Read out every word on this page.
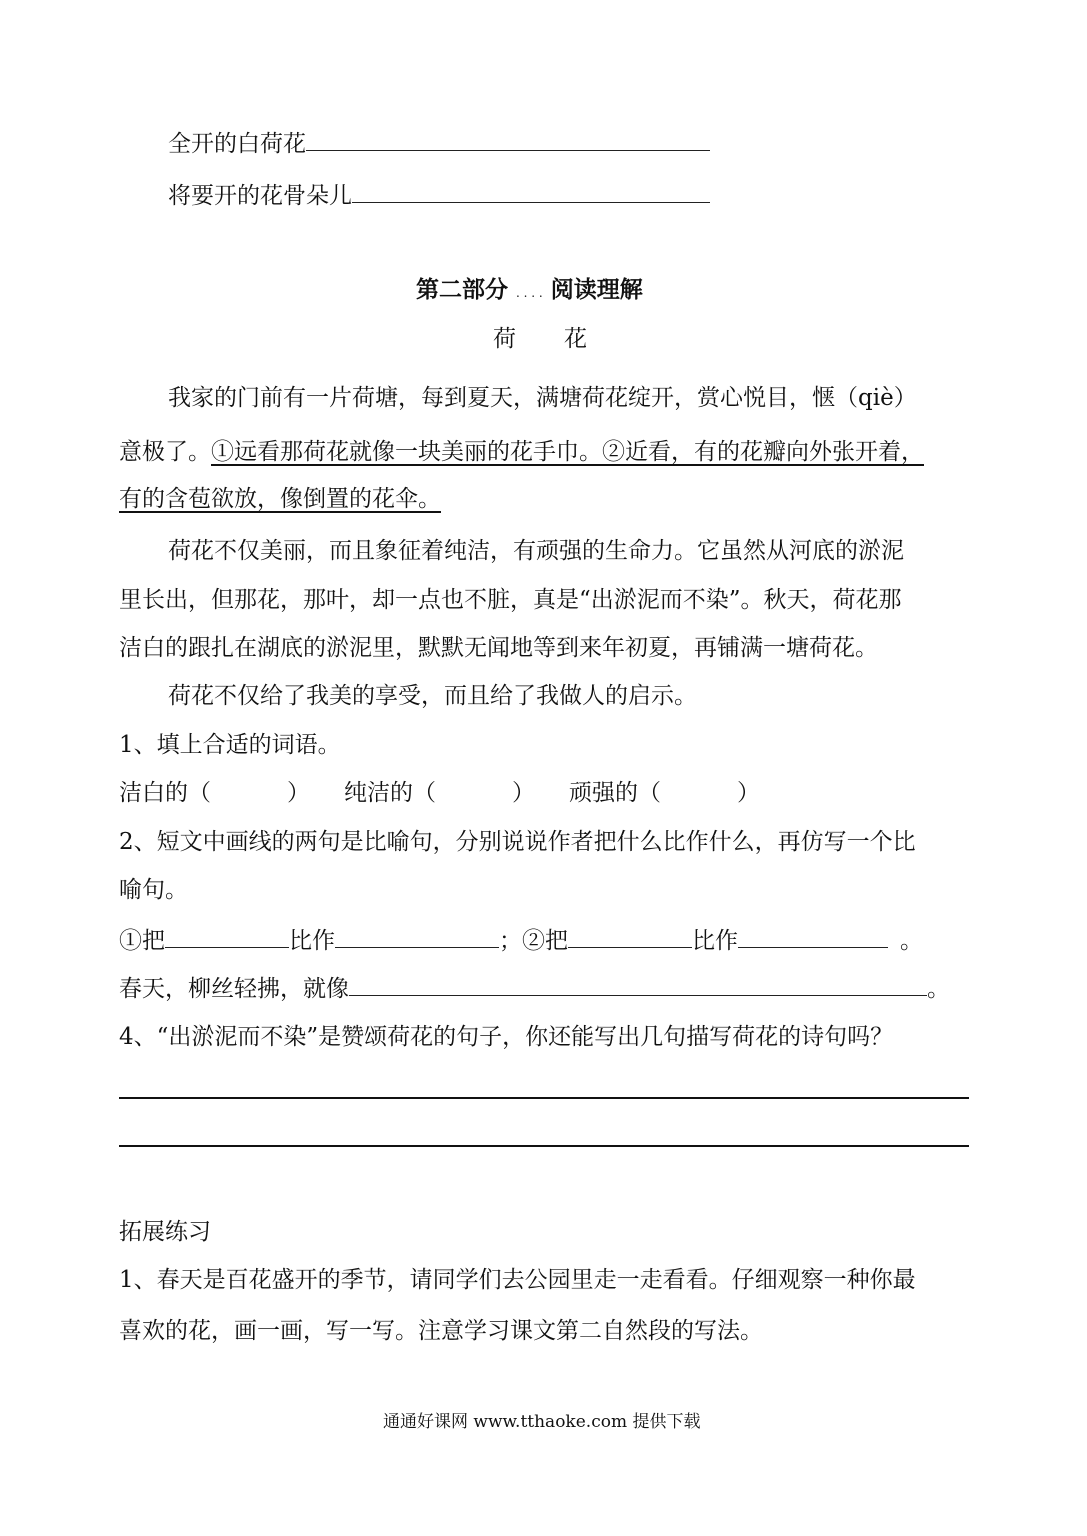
全开的白荷花
将要开的花骨朵儿
第二部分 . . . . 阅读理解
荷 花
我家的门前有一片荷塘，每到夏天，满塘荷花绽开，赏心悦目，惬（qiè）
意极了。①远看那荷花就像一块美丽的花手巾。②近看，有的花瓣向外张开着，
有的含苞欲放，像倒置的花伞。
荷花不仅美丽，而且象征着纯洁，有顽强的生命力。它虽然从河底的淤泥
里长出，但那花，那叶，却一点也不脏，真是“出淤泥而不染”。秋天，荷花那
洁白的跟扎在湖底的淤泥里，默默无闻地等到来年初夏，再铺满一塘荷花。
荷花不仅给了我美的享受，而且给了我做人的启示。
1、填上合适的词语。
洁白的（	） 纯洁的（	） 顽强的（	）
2、短文中画线的两句是比喻句，分别说说作者把什么比作什么，再仿写一个比
喻句。
①把	比作	；②把	比作	。
春天，柳丝轻拂，就像	。
4、“出淤泥而不染”是赞颂荷花的句子，你还能写出几句描写荷花的诗句吗？
拓展练习
1、春天是百花盛开的季节，请同学们去公园里走一走看看。仔细观察一种你最
喜欢的花，画一画，写一写。注意学习课文第二自然段的写法。
通通好课网 www.tthaoke.com 提供下载
